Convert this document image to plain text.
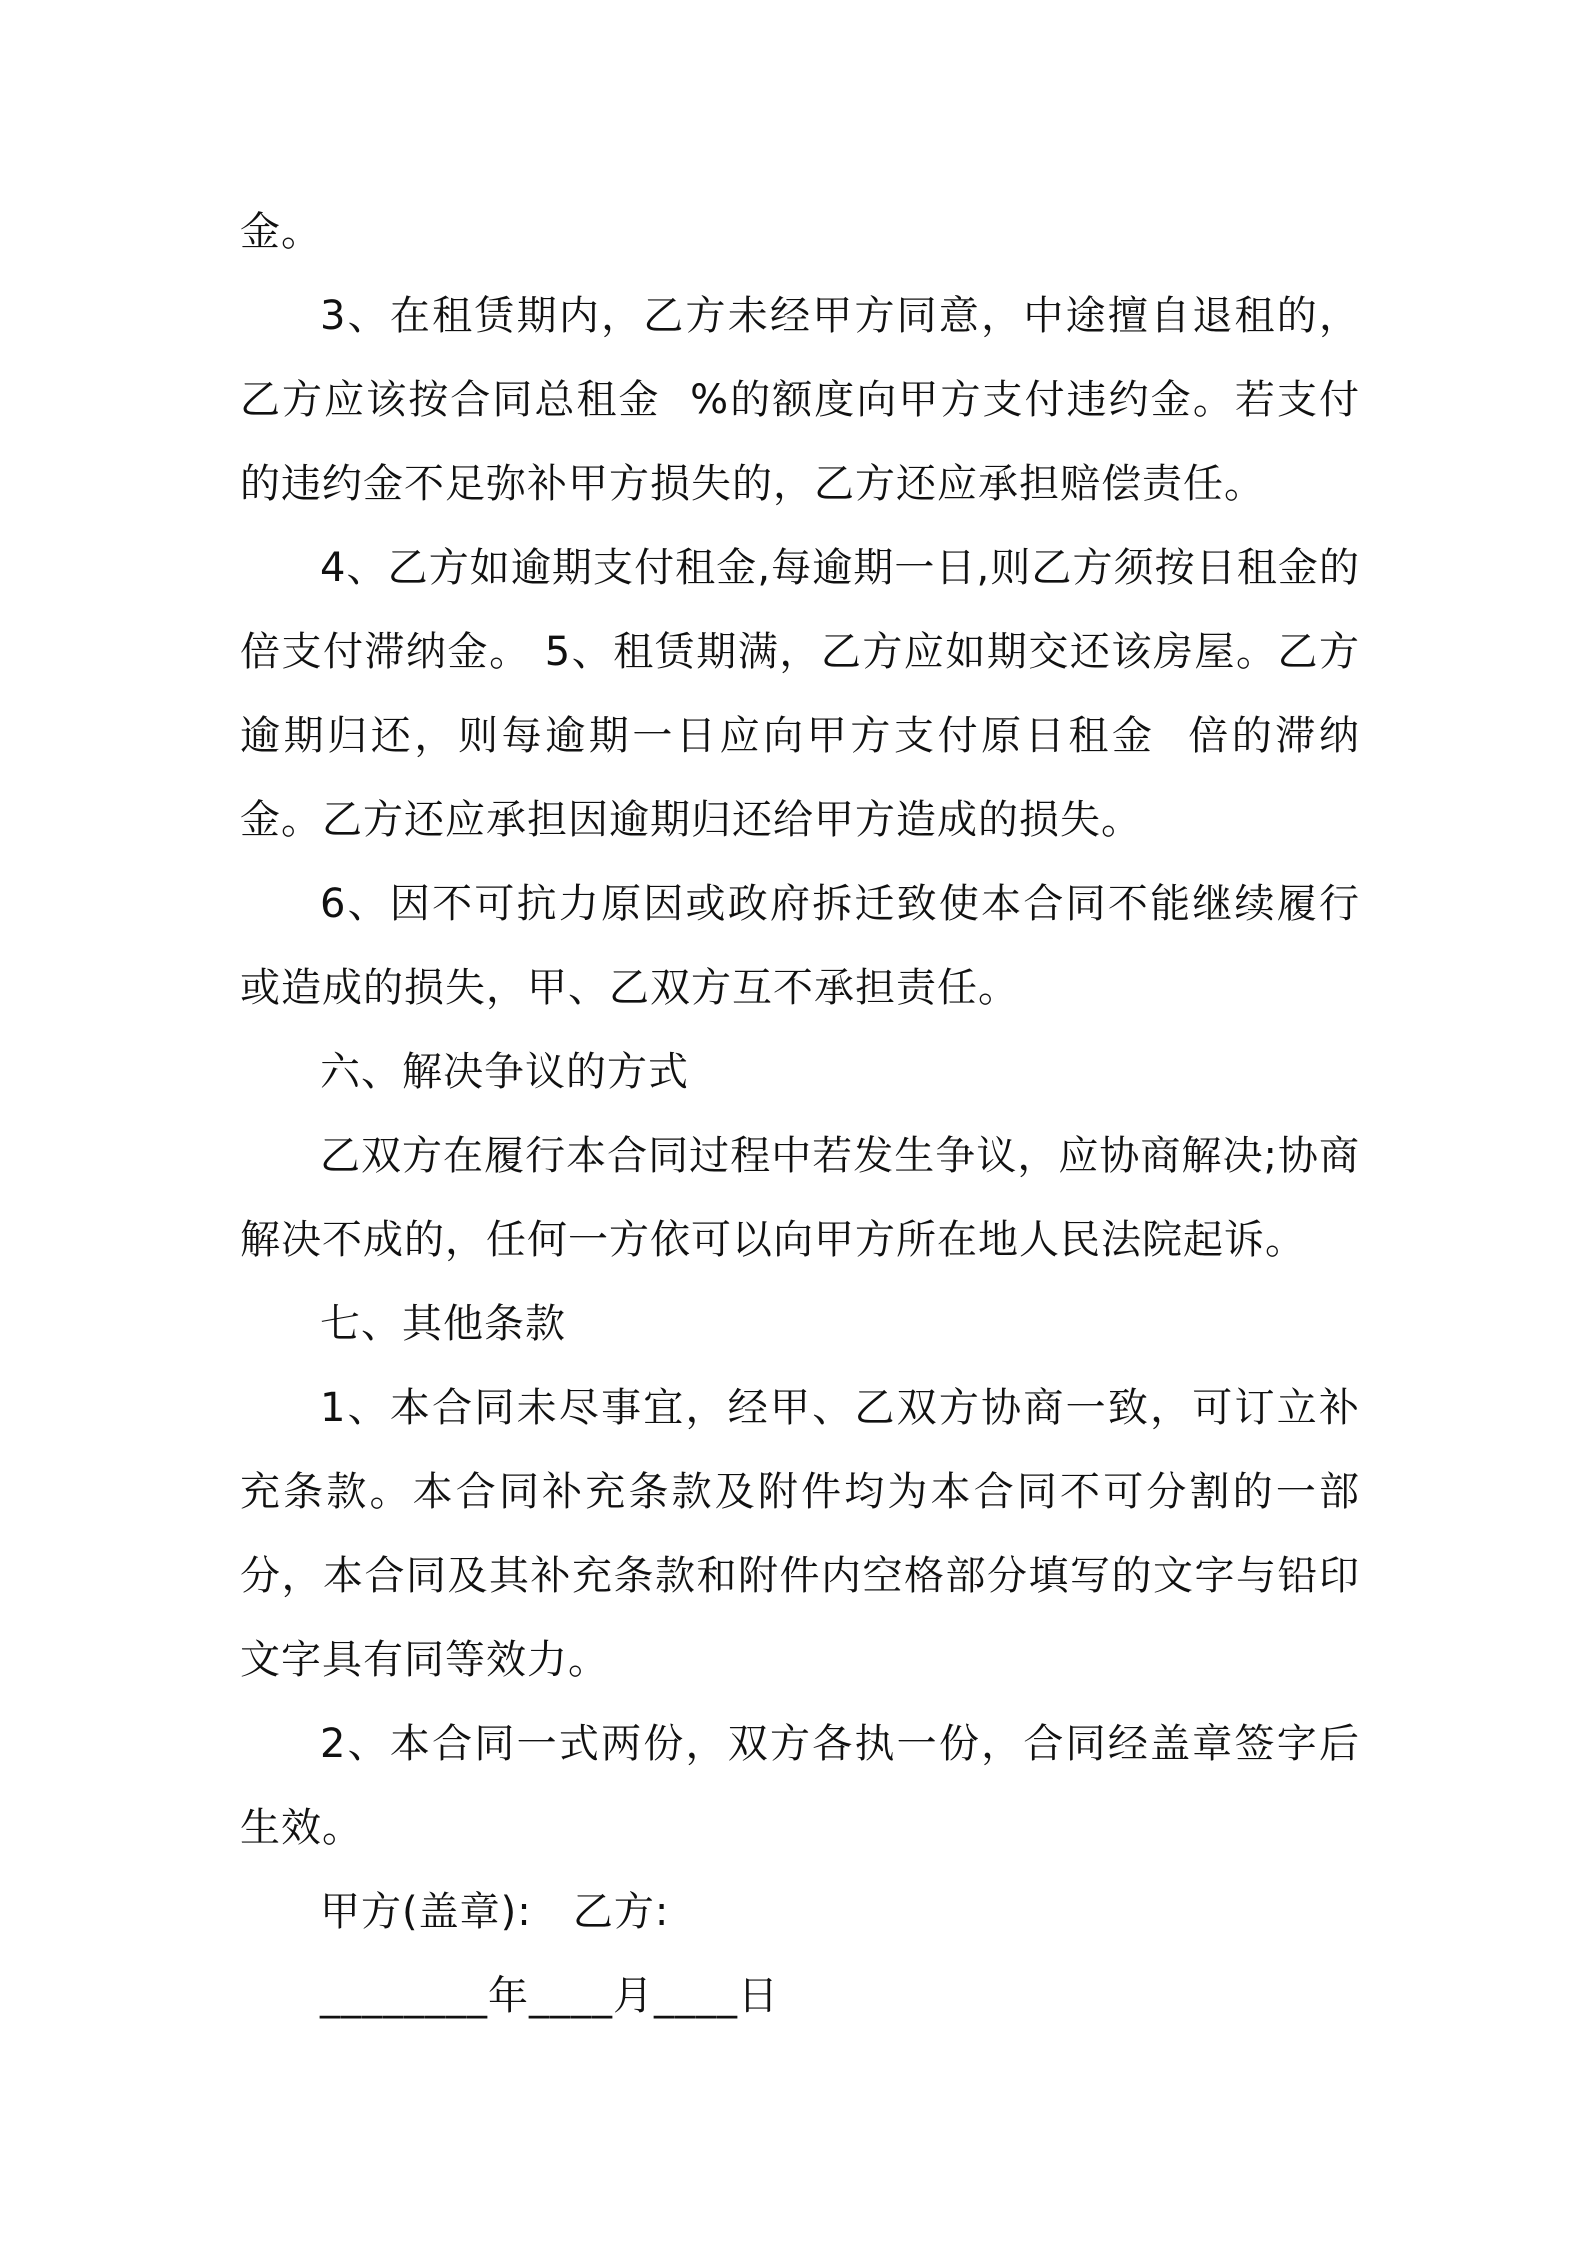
金。

3、在租赁期内，乙方未经甲方同意，中途擅自退租的，乙方应该按合同总租金  %的额度向甲方支付违约金。若支付的违约金不足弥补甲方损失的，乙方还应承担赔偿责任。

4、乙方如逾期支付租金,每逾期一日,则乙方须按日租金的倍支付滞纳金。 5、租赁期满，乙方应如期交还该房屋。乙方逾期归还，则每逾期一日应向甲方支付原日租金  倍的滞纳金。乙方还应承担因逾期归还给甲方造成的损失。

6、因不可抗力原因或政府拆迁致使本合同不能继续履行或造成的损失，甲、乙双方互不承担责任。

六、解决争议的方式

乙双方在履行本合同过程中若发生争议，应协商解决;协商解决不成的，任何一方依可以向甲方所在地人民法院起诉。

七、其他条款

1、本合同未尽事宜，经甲、乙双方协商一致，可订立补充条款。本合同补充条款及附件均为本合同不可分割的一部分，本合同及其补充条款和附件内空格部分填写的文字与铅印文字具有同等效力。

2、本合同一式两份，双方各执一份，合同经盖章签字后生效。

甲方(盖章):   乙方:

________年____月____日
